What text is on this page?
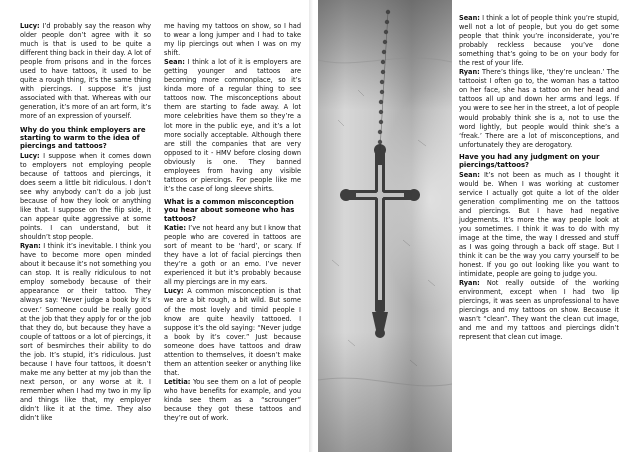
Lucy: I’d probably say the reason why older people don’t agree with it so much is that is used to be quite a different thing back in their day. A lot of people from prisons and in the forces used to have tattoos, it used to be quite a rough thing, it’s the same thing with piercings. I suppose it’s just associated with that. Whereas with our generation, it’s more of an art form, it’s more of an expression of yourself.

Why do you think employers are starting to warm to the idea of piercings and tattoos?

Lucy: I suppose when it comes down to employers not employing people because of tattoos and piercings, it does seem a little bit ridiculous. I don’t see why anybody can’t do a job just because of how they look or anything like that. I suppose on the flip side, it can appear quite aggressive at some points. I can understand, but it shouldn’t stop people.

Ryan: I think it’s inevitable. I think you have to become more open minded about it because it’s not something you can stop. It is really ridiculous to not employ somebody because of their appearance or their tattoo. They always say: ‘Never judge a book by it’s cover.’ Someone could be really good at the job that they apply for or the job that they do, but because they have a couple of tattoos or a lot of piercings, it sort of besmirches their ability to do the job. It’s stupid, it’s ridiculous. Just because I have four tattoos, it doesn’t make me any better at my job than the next person, or any worse at it. I remember when I had my two in my lip and things like that, my employer didn’t like it at the time. They also didn’t like

me having my tattoos on show, so I had to wear a long jumper and I had to take my lip piercings out when I was on my shift.

Sean: I think a lot of it is employers are getting younger and tattoos are becoming more commonplace, so it’s kinda more of a regular thing to see tattoos now. The misconceptions about them are starting to fade away. A lot more celebrities have them so they’re a lot more in the public eye, and it’s a lot more socially acceptable. Although there are still the companies that are very opposed to it - HMV before closing down obviously is one. They banned employees from having any visible tattoos or piercings. For people like me it’s the case of long sleeve shirts.

What is a common misconception you hear about someone who has tattoos?

Katie: I’ve not heard any but I know that people who are covered in tattoos are sort of meant to be ‘hard’, or scary. If they have a lot of facial piercings then they’re a goth or an emo. I’ve never experienced it but it’s probably because all my piercings are in my ears.

Lucy: A common misconception is that we are a bit rough, a bit wild. But some of the most lovely and timid people I know are quite heavily tattooed. I suppose it’s the old saying: “Never judge a book by it’s cover.” Just because someone does have tattoos and draw attention to themselves, it doesn’t make them an attention seeker or anything like that.

Letitia: You see them on a lot of people who have benefits for example, and you kinda see them as a “scrounger” because they got these tattoos and they’re out of work.

Sean: I think a lot of people think you’re stupid, well not a lot of people, but you do get some people that think you’re inconsiderate, you’re probably reckless because you’ve done something that’s going to be on your body for the rest of your life.

Ryan: There’s things like, ‘they’re unclean.’ The tattooist I often go to, the woman has a tattoo on her face, she has a tattoo on her head and tattoos all up and down her arms and legs. If you were to see her in the street, a lot of people would probably think she is a, not to use the word lightly, but people would think she’s a ‘freak.’ There are a lot of misconceptions, and unfortunately they are derogatory.

Have you had any judgment on your piercings/tattoos?

Sean: It’s not been as much as I thought it would be. When I was working at customer service I actually got quite a lot of the older generation complimenting me on the tattoos and piercings. But I have had negative judgements. It’s more the way people look at you sometimes. I think it was to do with my image at the time, the way I dressed and stuff as I was going through a back off stage. But I think it can be the way you carry yourself to be honest. If you go out looking like you want to intimidate, people are going to judge you.

Ryan: Not really outside of the working environment, except when I had two lip piercings, it was seen as unprofessional to have piercings and my tattoos on show. Because it wasn’t “clean”. They want the clean cut image, and me and my tattoos and piercings didn’t represent that clean cut image.
